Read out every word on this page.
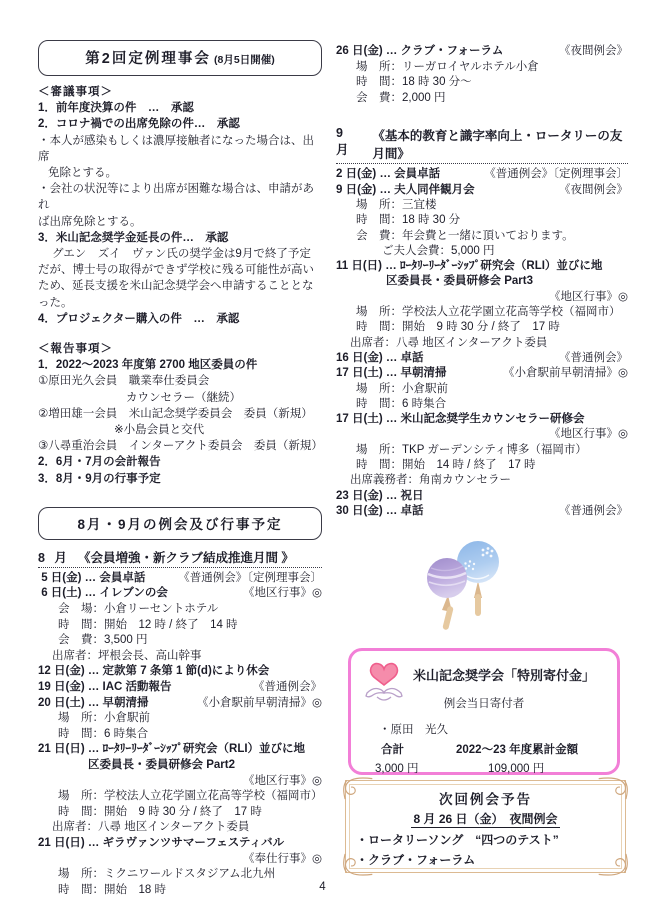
第2回定例理事会 (8月5日開催)
＜審議事項＞
1．前年度決算の件　…　承認
2．コロナ禍での出席免除の件…　承認
・本人が感染もしくは濃厚接触者になった場合は、出席
免除とする。
・会社の状況等により出席が困難な場合は、申請があれ
ば出席免除とする。
3．米山記念奨学金延長の件…　承認
グエン　ズイ　ヴァン氏の奨学金は9月で終了予定
だが、博士号の取得ができず学校に残る可能性が高い
ため、延長支援を米山記念奨学会へ申請することとな
った。
4．プロジェクター購入の件　…　承認
＜報告事項＞
1．2022～2023 年度第 2700 地区委員の件
①原田光久会員　職業奉仕委員会
カウンセラー（継続）
②増田雄一会員　米山記念奨学委員会　委員（新規）
※小島会員と交代
③八尋重治会員　インターアクト委員会　委員（新規）
2．6月・7月の会計報告
3．8月・9月の行事予定
8月・9月の例会及び行事予定
8 月 《会員増強・新クラブ結成推進月間 》
5 日(金) … 会員卓話	《普通例会》〔定例理事会〕
6 日(土) … イレブンの会	《地区行事》◎
会　場：小倉リーセントホテル
時　間：開始　12 時 / 終了　14 時
会　費：3,500 円
出席者：坪根会長、高山幹事
12 日(金) … 定款第 7 条第 1 節(d)により休会
19 日(金) … IAC 活動報告	《普通例会》
20 日(土) … 早朝清掃	《小倉駅前早朝清掃》◎
場　所：小倉駅前
時　間：6 時集合
21 日(日) … ﾛｰﾀﾘｰﾘｰﾀﾞｰｼｯﾌﾟ研究会（RLI）並びに地
区委員長・委員研修会 Part2
《地区行事》◎
場　所：学校法人立花学園立花高等学校（福岡市）
時　間：開始　9 時 30 分 / 終了　17 時
出席者：八尋 地区インターアクト委員
21 日(日) … ギラヴァンツサマーフェスティバル
《奉仕行事》◎
場　所：ミクニワールドスタジアム北九州
時　間：開始　18 時
26 日(金) … クラブ・フォーラム	《夜間例会》
場　所：リーガロイヤルホテル小倉
時　間：18 時 30 分～
会　費：2,000 円
9 月
《基本的教育と識字率向上・ロータリーの友月間》
2 日(金) … 会員卓話	《普通例会》〔定例理事会〕
9 日(金) … 夫人同伴観月会	《夜間例会》
場　所：三宜楼
時　間：18 時 30 分
会　費：年会費と一緒に頂いております。
ご夫人会費：5,000 円
11 日(日) … ﾛｰﾀﾘｰﾘｰﾀﾞｰｼｯﾌﾟ研究会（RLI）並びに地
区委員長・委員研修会 Part3
《地区行事》◎
場　所：学校法人立花学園立花高等学校（福岡市）
時　間：開始　9 時 30 分 / 終了　17 時
出席者：八尋 地区インターアクト委員
16 日(金) … 卓話	《普通例会》
17 日(土) … 早朝清掃	《小倉駅前早朝清掃》◎
場　所：小倉駅前
時　間：6 時集合
17 日(土) … 米山記念奨学生カウンセラー研修会
《地区行事》◎
場　所：TKP ガーデンシティ博多（福岡市）
時　間：開始　14 時 / 終了　17 時
出席義務者：角南カウンセラー
23 日(金) … 祝日
30 日(金) … 卓話	《普通例会》
米山記念奨学会「特別寄付金」
例会当日寄付者
・原田　光久
合計	2022～23 年度累計金額
3,000 円	109,000 円
次回例会予告
8 月 26 日（金）　夜間例会
・ロータリーソング　“四つのテスト”
・クラブ・フォーラム
4
